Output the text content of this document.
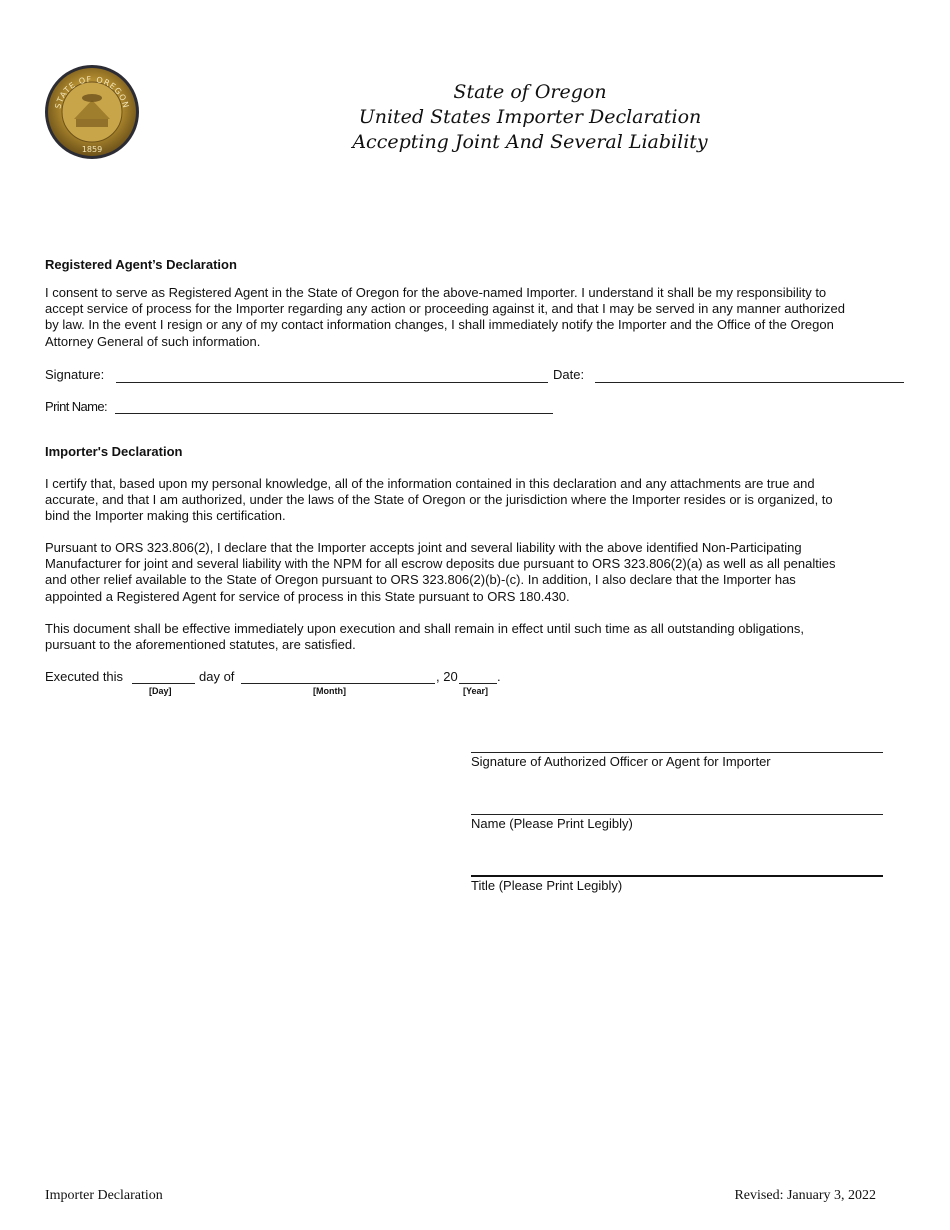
STATE OF OREGON
1859
State of Oregon
United States Importer Declaration
Accepting Joint And Several Liability
Registered Agent’s Declaration
I consent to serve as Registered Agent in the State of Oregon for the above-named Importer. I understand it shall be my responsibility to
accept service of process for the Importer regarding any action or proceeding against it, and that I may be served in any manner authorized
by law. In the event I resign or any of my contact information changes, I shall immediately notify the Importer and the Office of the Oregon
Attorney General of such information.
Signature:	Date:
Print Name:
Importer's Declaration
I certify that, based upon my personal knowledge, all of the information contained in this declaration and any attachments are true and
accurate, and that I am authorized, under the laws of the State of Oregon or the jurisdiction where the Importer resides or is organized, to
bind the Importer making this certification.
Pursuant to ORS 323.806(2), I declare that the Importer accepts joint and several liability with the above identified Non-Participating
Manufacturer for joint and several liability with the NPM for all escrow deposits due pursuant to ORS 323.806(2)(a) as well as all penalties
and other relief available to the State of Oregon pursuant to ORS 323.806(2)(b)-(c). In addition, I also declare that the Importer has
appointed a Registered Agent for service of process in this State pursuant to ORS 180.430.
This document shall be effective immediately upon execution and shall remain in effect until such time as all outstanding obligations,
pursuant to the aforementioned statutes, are satisfied.
Executed this	day of	, 20	.
[Day]	[Month]	[Year]
Signature of Authorized Officer or Agent for Importer
Name (Please Print Legibly)
Title (Please Print Legibly)
Importer Declaration	Revised: January 3, 2022
